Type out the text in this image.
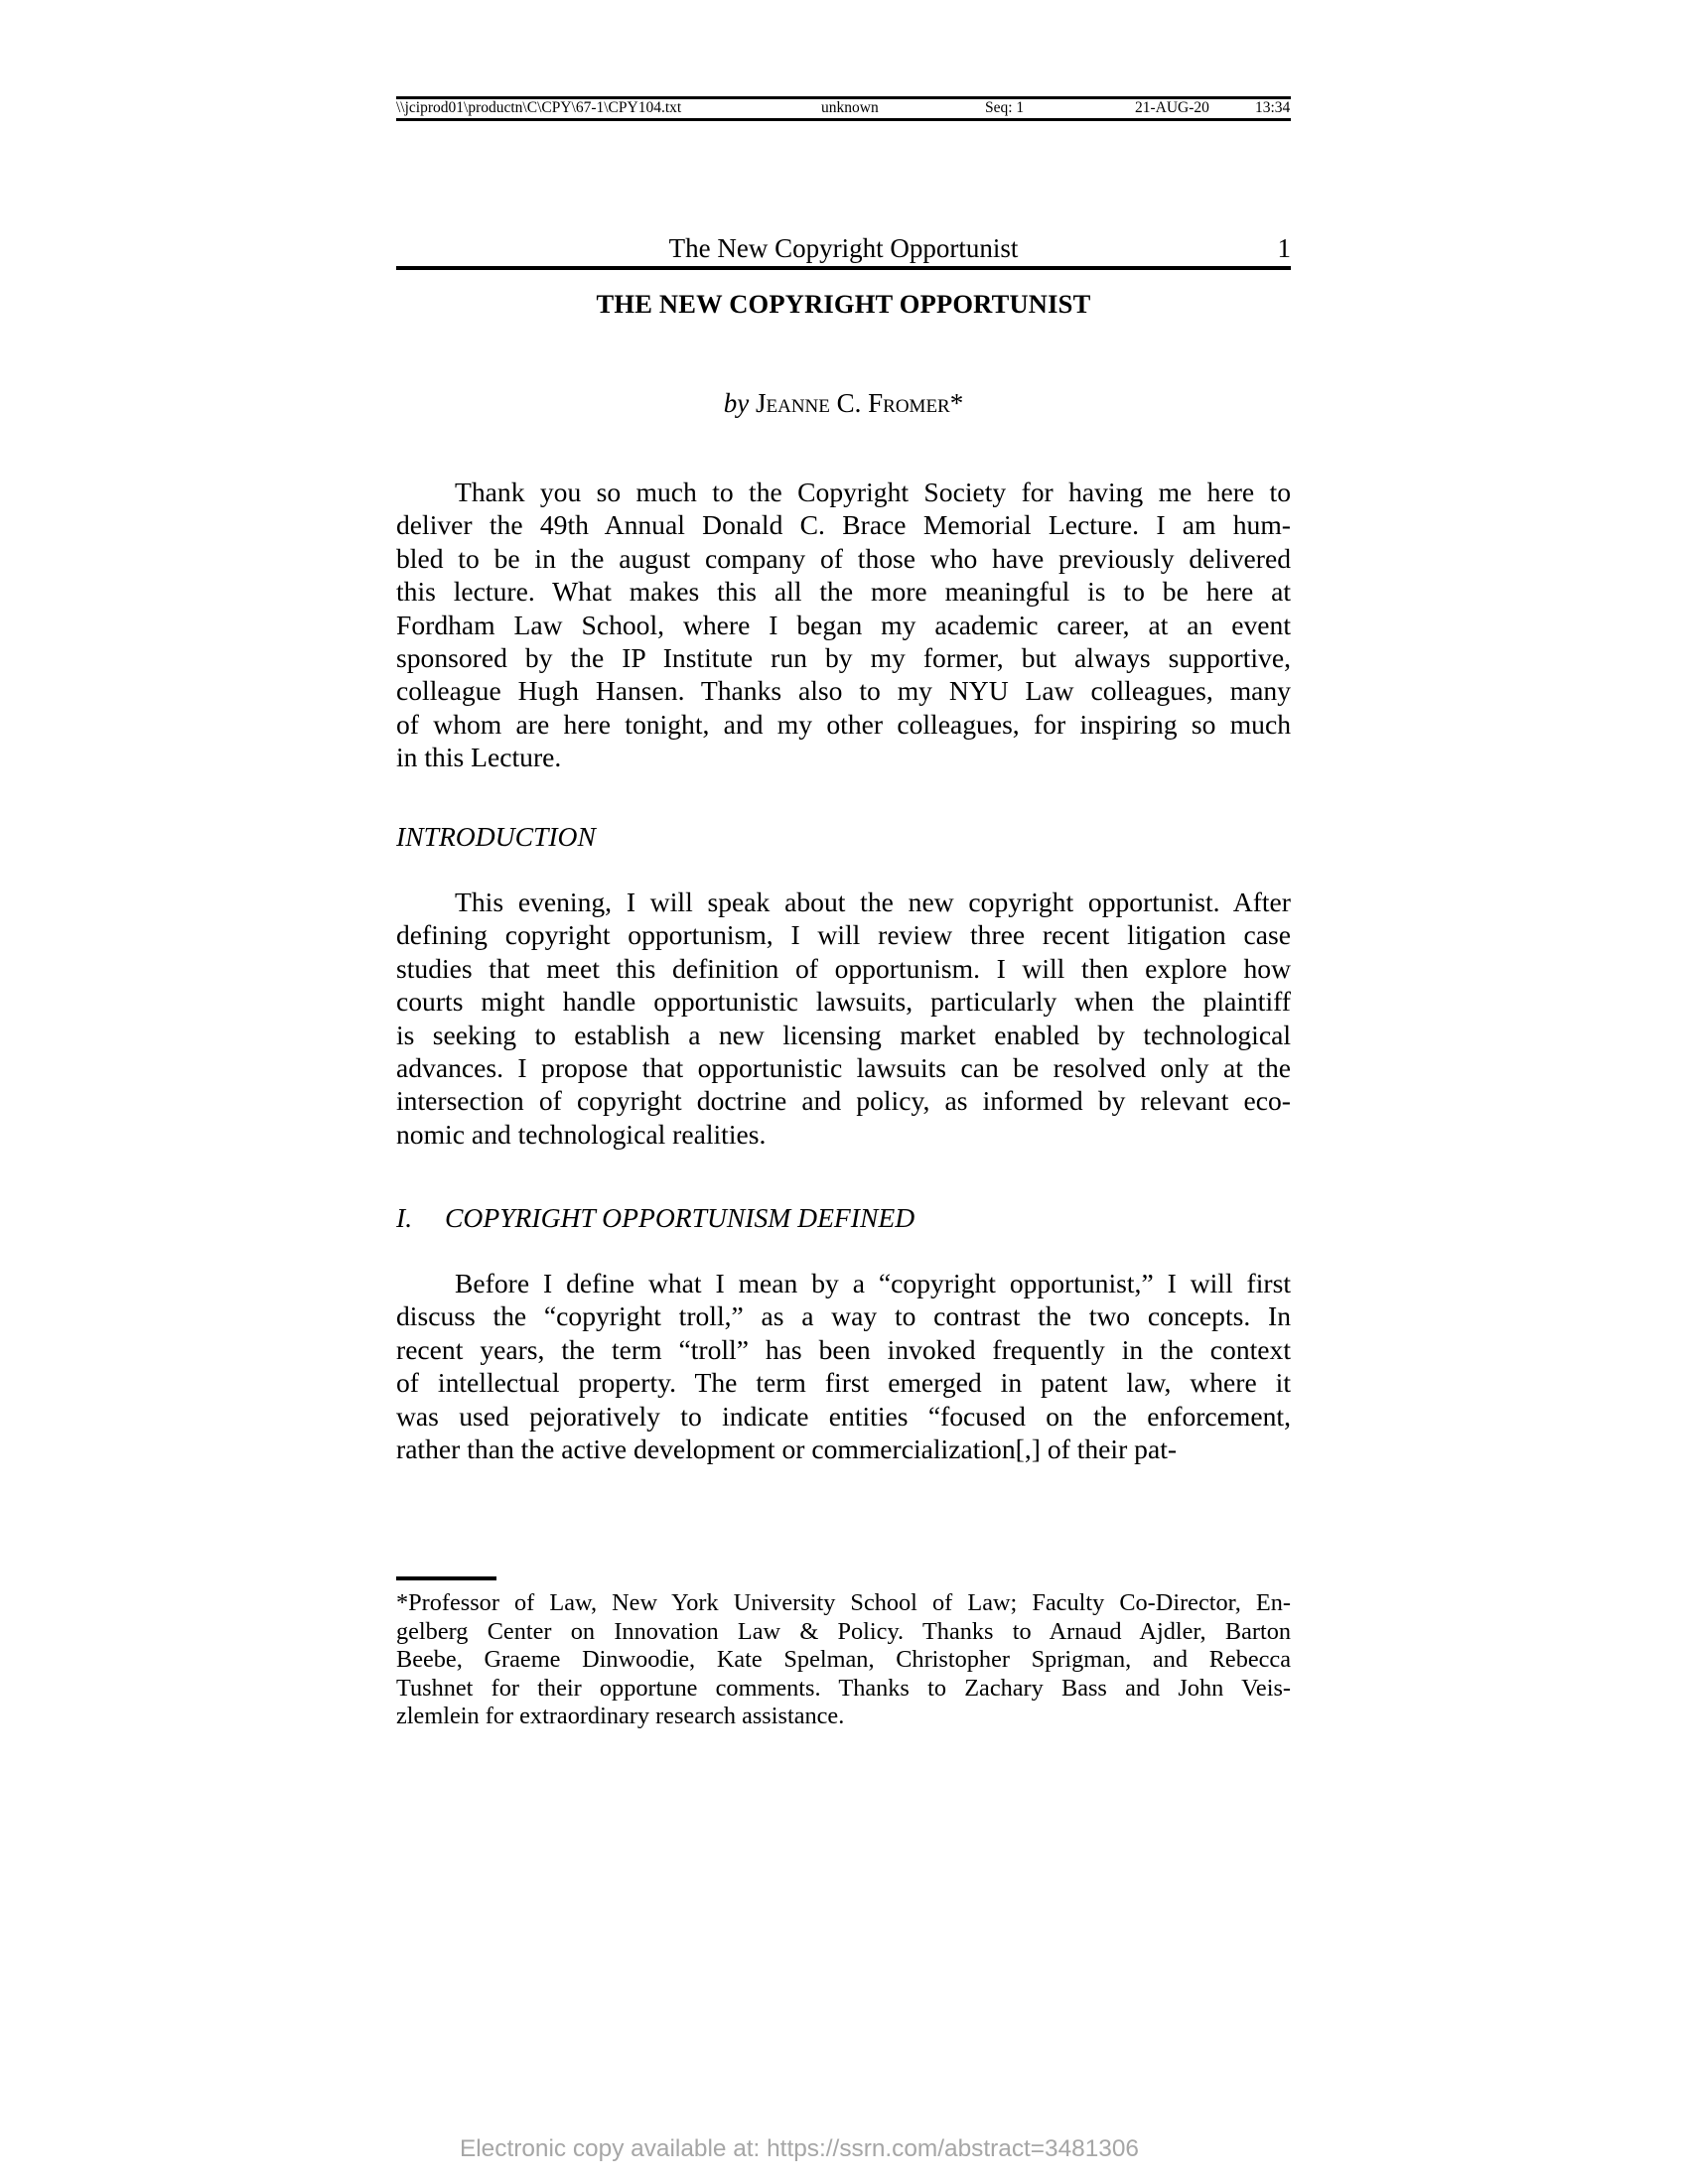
\\jciprod01\productn\C\CPY\67-1\CPY104.txt	unknown	Seq: 1	21-AUG-20	13:34
The New Copyright Opportunist	1
THE NEW COPYRIGHT OPPORTUNIST
by Jeanne C. Fromer*
Thank you so much to the Copyright Society for having me here to
deliver the 49th Annual Donald C. Brace Memorial Lecture. I am hum-
bled to be in the august company of those who have previously delivered
this lecture. What makes this all the more meaningful is to be here at
Fordham Law School, where I began my academic career, at an event
sponsored by the IP Institute run by my former, but always supportive,
colleague Hugh Hansen. Thanks also to my NYU Law colleagues, many
of whom are here tonight, and my other colleagues, for inspiring so much
in this Lecture.
INTRODUCTION
This evening, I will speak about the new copyright opportunist. After
defining copyright opportunism, I will review three recent litigation case
studies that meet this definition of opportunism. I will then explore how
courts might handle opportunistic lawsuits, particularly when the plaintiff
is seeking to establish a new licensing market enabled by technological
advances. I propose that opportunistic lawsuits can be resolved only at the
intersection of copyright doctrine and policy, as informed by relevant eco-
nomic and technological realities.
I. COPYRIGHT OPPORTUNISM DEFINED
Before I define what I mean by a “copyright opportunist,” I will first
discuss the “copyright troll,” as a way to contrast the two concepts. In
recent years, the term “troll” has been invoked frequently in the context
of intellectual property. The term first emerged in patent law, where it
was used pejoratively to indicate entities “focused on the enforcement,
rather than the active development or commercialization[,] of their pat-
*Professor of Law, New York University School of Law; Faculty Co-Director, En-
gelberg Center on Innovation Law & Policy. Thanks to Arnaud Ajdler, Barton
Beebe, Graeme Dinwoodie, Kate Spelman, Christopher Sprigman, and Rebecca
Tushnet for their opportune comments. Thanks to Zachary Bass and John Veis-
zlemlein for extraordinary research assistance.
Electronic copy available at: https://ssrn.com/abstract=3481306
